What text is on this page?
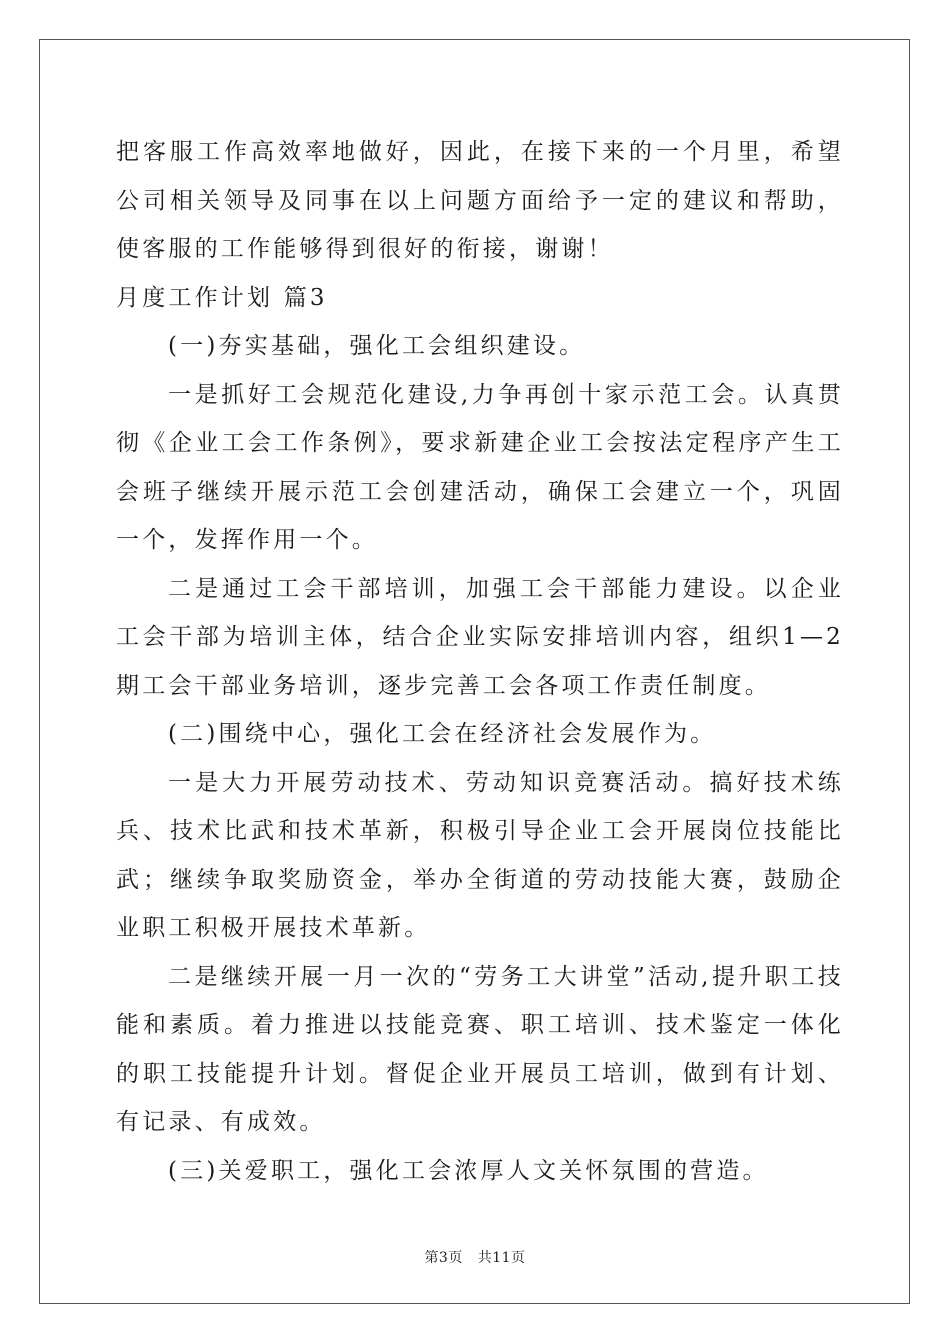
把客服工作高效率地做好，因此，在接下来的一个月里，希望公司相关领导及同事在以上问题方面给予一定的建议和帮助，使客服的工作能够得到很好的衔接，谢谢！

月度工作计划 篇3

(一)夯实基础，强化工会组织建设。

一是抓好工会规范化建设,力争再创十家示范工会。认真贯彻《企业工会工作条例》，要求新建企业工会按法定程序产生工会班子继续开展示范工会创建活动，确保工会建立一个，巩固一个，发挥作用一个。

二是通过工会干部培训，加强工会干部能力建设。以企业工会干部为培训主体，结合企业实际安排培训内容，组织1—2期工会干部业务培训，逐步完善工会各项工作责任制度。

(二)围绕中心，强化工会在经济社会发展作为。

一是大力开展劳动技术、劳动知识竞赛活动。搞好技术练兵、技术比武和技术革新，积极引导企业工会开展岗位技能比武；继续争取奖励资金，举办全街道的劳动技能大赛，鼓励企业职工积极开展技术革新。

二是继续开展一月一次的“劳务工大讲堂”活动,提升职工技能和素质。着力推进以技能竞赛、职工培训、技术鉴定一体化的职工技能提升计划。督促企业开展员工培训，做到有计划、有记录、有成效。

(三)关爱职工，强化工会浓厚人文关怀氛围的营造。

第3页 共11页
